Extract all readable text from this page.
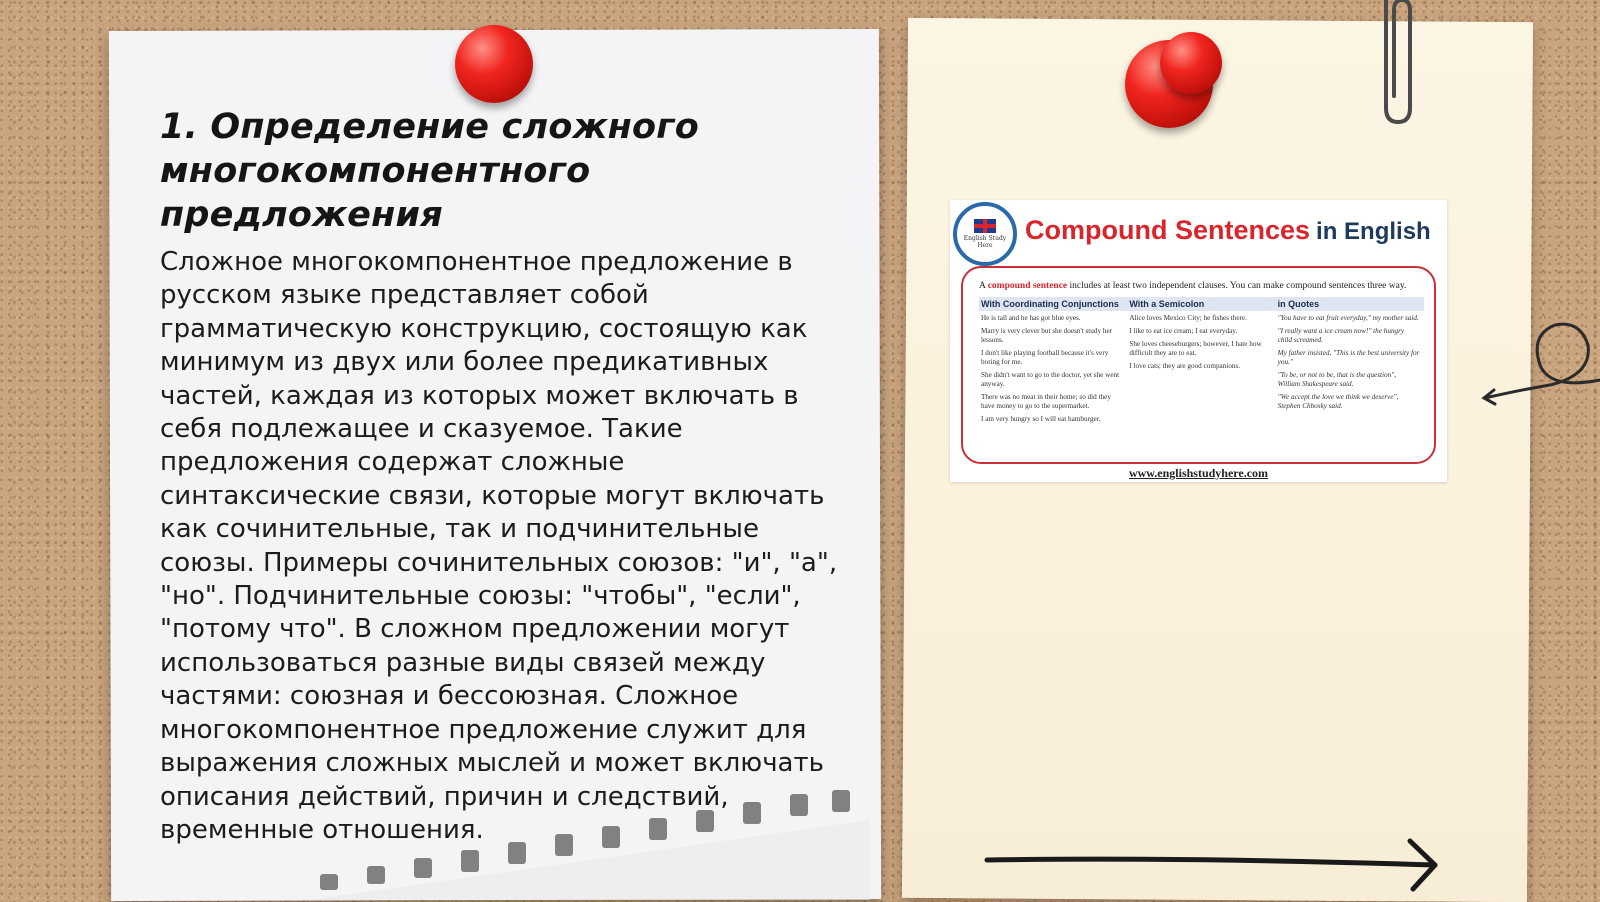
1. Определение сложного многокомпонентного предложения

Сложное многокомпонентное предложение в русском языке представляет собой грамматическую конструкцию, состоящую как минимум из двух или более предикативных частей, каждая из которых может включать в себя подлежащее и сказуемое. Такие предложения содержат сложные синтаксические связи, которые могут включать как сочинительные, так и подчинительные союзы. Примеры сочинительных союзов: "и", "а", "но". Подчинительные союзы: "чтобы", "если", "потому что". В сложном предложении могут использоваться разные виды связей между частями: союзная и бессоюзная. Сложное многокомпонентное предложение служит для выражения сложных мыслей и может включать описания действий, причин и следствий, временные отношения.

English Study Here
Compound Sentences in English

A compound sentence includes at least two independent clauses. You can make compound sentences three way.

With Coordinating Conjunctions	With a Semicolon	in Quotes
He is tall and he has got blue eyes.
Marry is very clever but she doesn't study her lessons.
I don't like playing football because it's very boring for me.
She didn't want to go to the doctor, yet she went anyway.
There was no meat in their home; so did they have money to go to the supermarket.
I am very hungry so I will eat hamburger.
Alice loves Mexico City; he fishes there.
I like to eat ice cream; I eat everyday.
She loves cheeseburgers; however, I hate how difficult they are to eat.
I love cats; they are good companions.
"You have to eat fruit everyday," my mother said.
"I really want a ice cream now!" the hungry child screamed.
My father insisted, "This is the best university for you."
"To be, or not to be, that is the question", William Shakespeare said.
"We accept the love we think we deserve", Stephen Chbosky said.
www.englishstudyhere.com
